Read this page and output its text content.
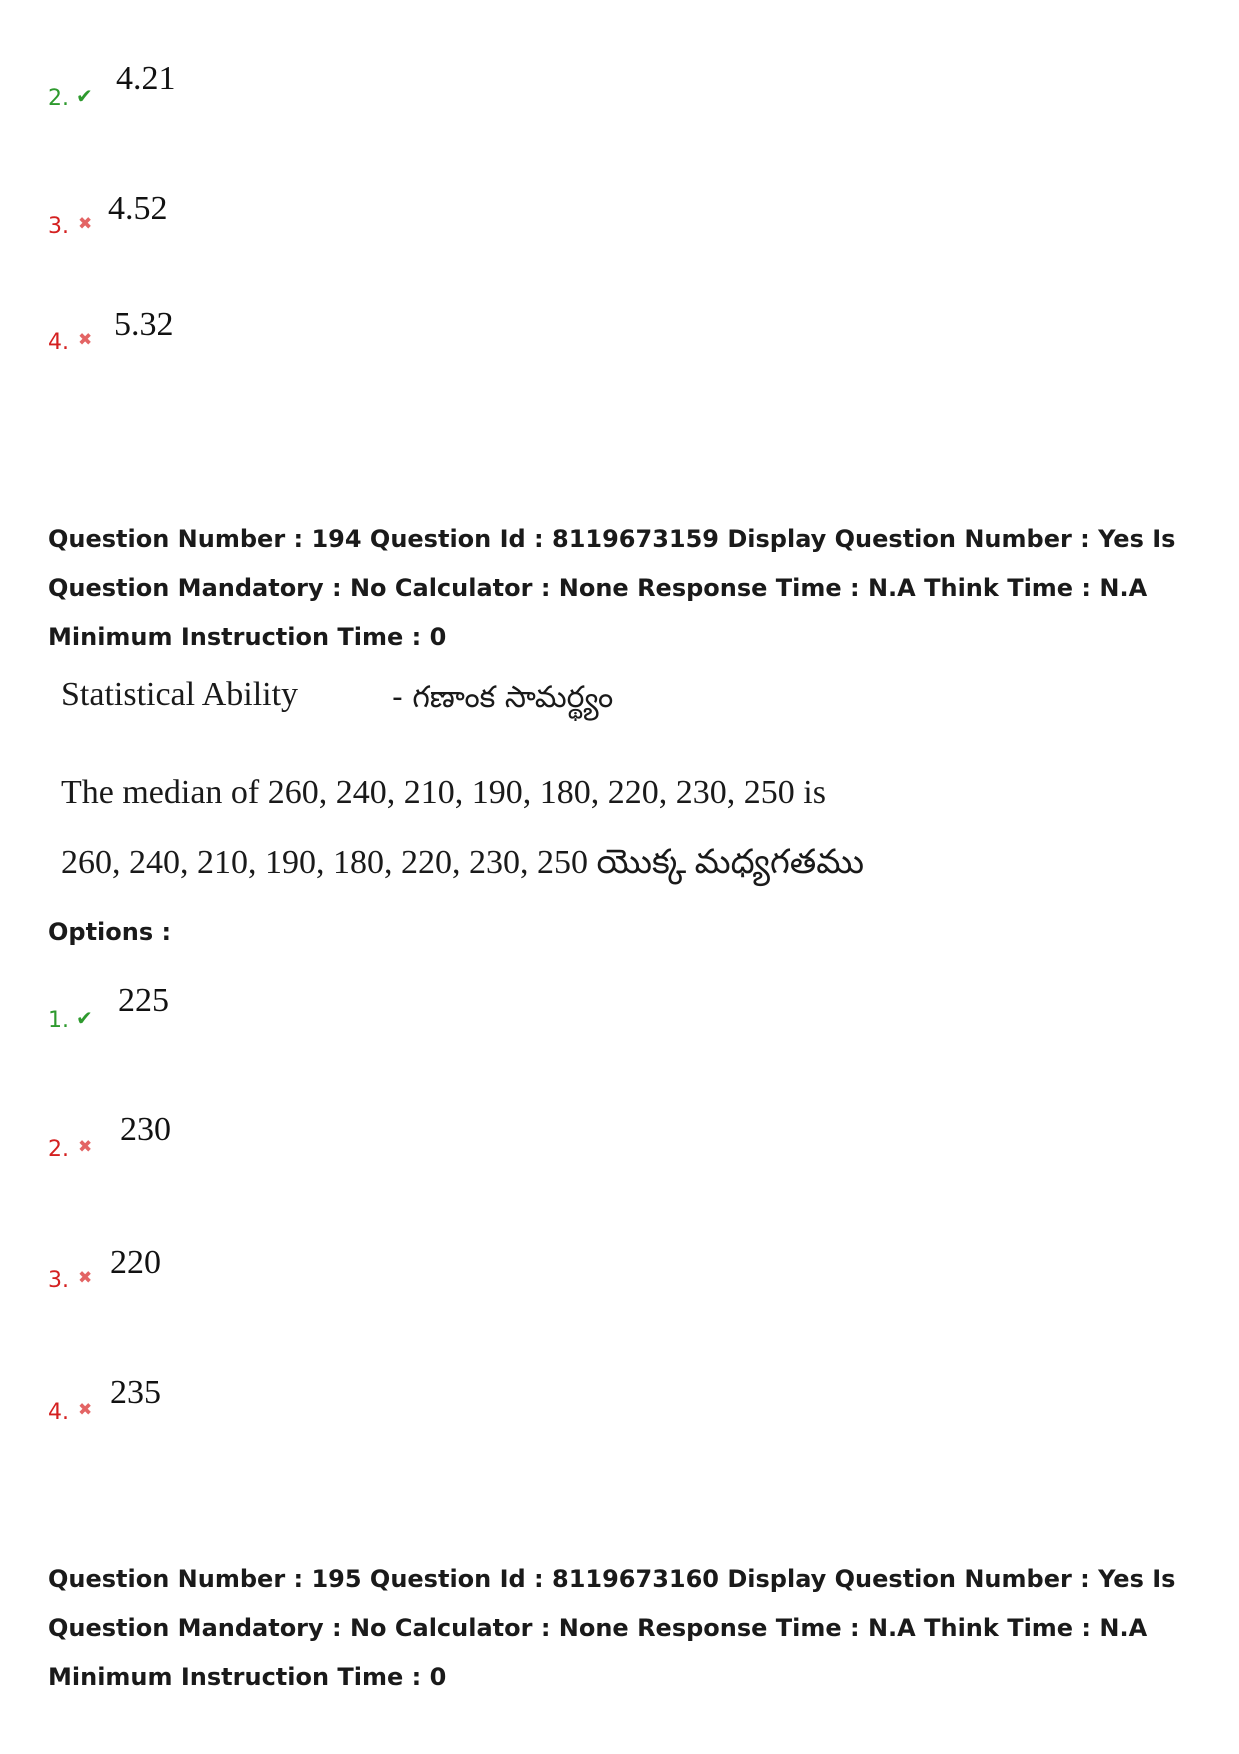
2. ✔ 4.21
3. ✖ 4.52
4. ✖ 5.32
Question Number : 194 Question Id : 8119673159 Display Question Number : Yes Is Question Mandatory : No Calculator : None Response Time : N.A Think Time : N.A Minimum Instruction Time : 0
Statistical Ability	- గణాంక సామర్థ్యం
The median of 260, 240, 210, 190, 180, 220, 230, 250 is
260, 240, 210, 190, 180, 220, 230, 250 యొక్క మధ్యగతము
Options :
1. ✔ 225
2. ✖ 230
3. ✖ 220
4. ✖ 235
Question Number : 195 Question Id : 8119673160 Display Question Number : Yes Is Question Mandatory : No Calculator : None Response Time : N.A Think Time : N.A Minimum Instruction Time : 0
